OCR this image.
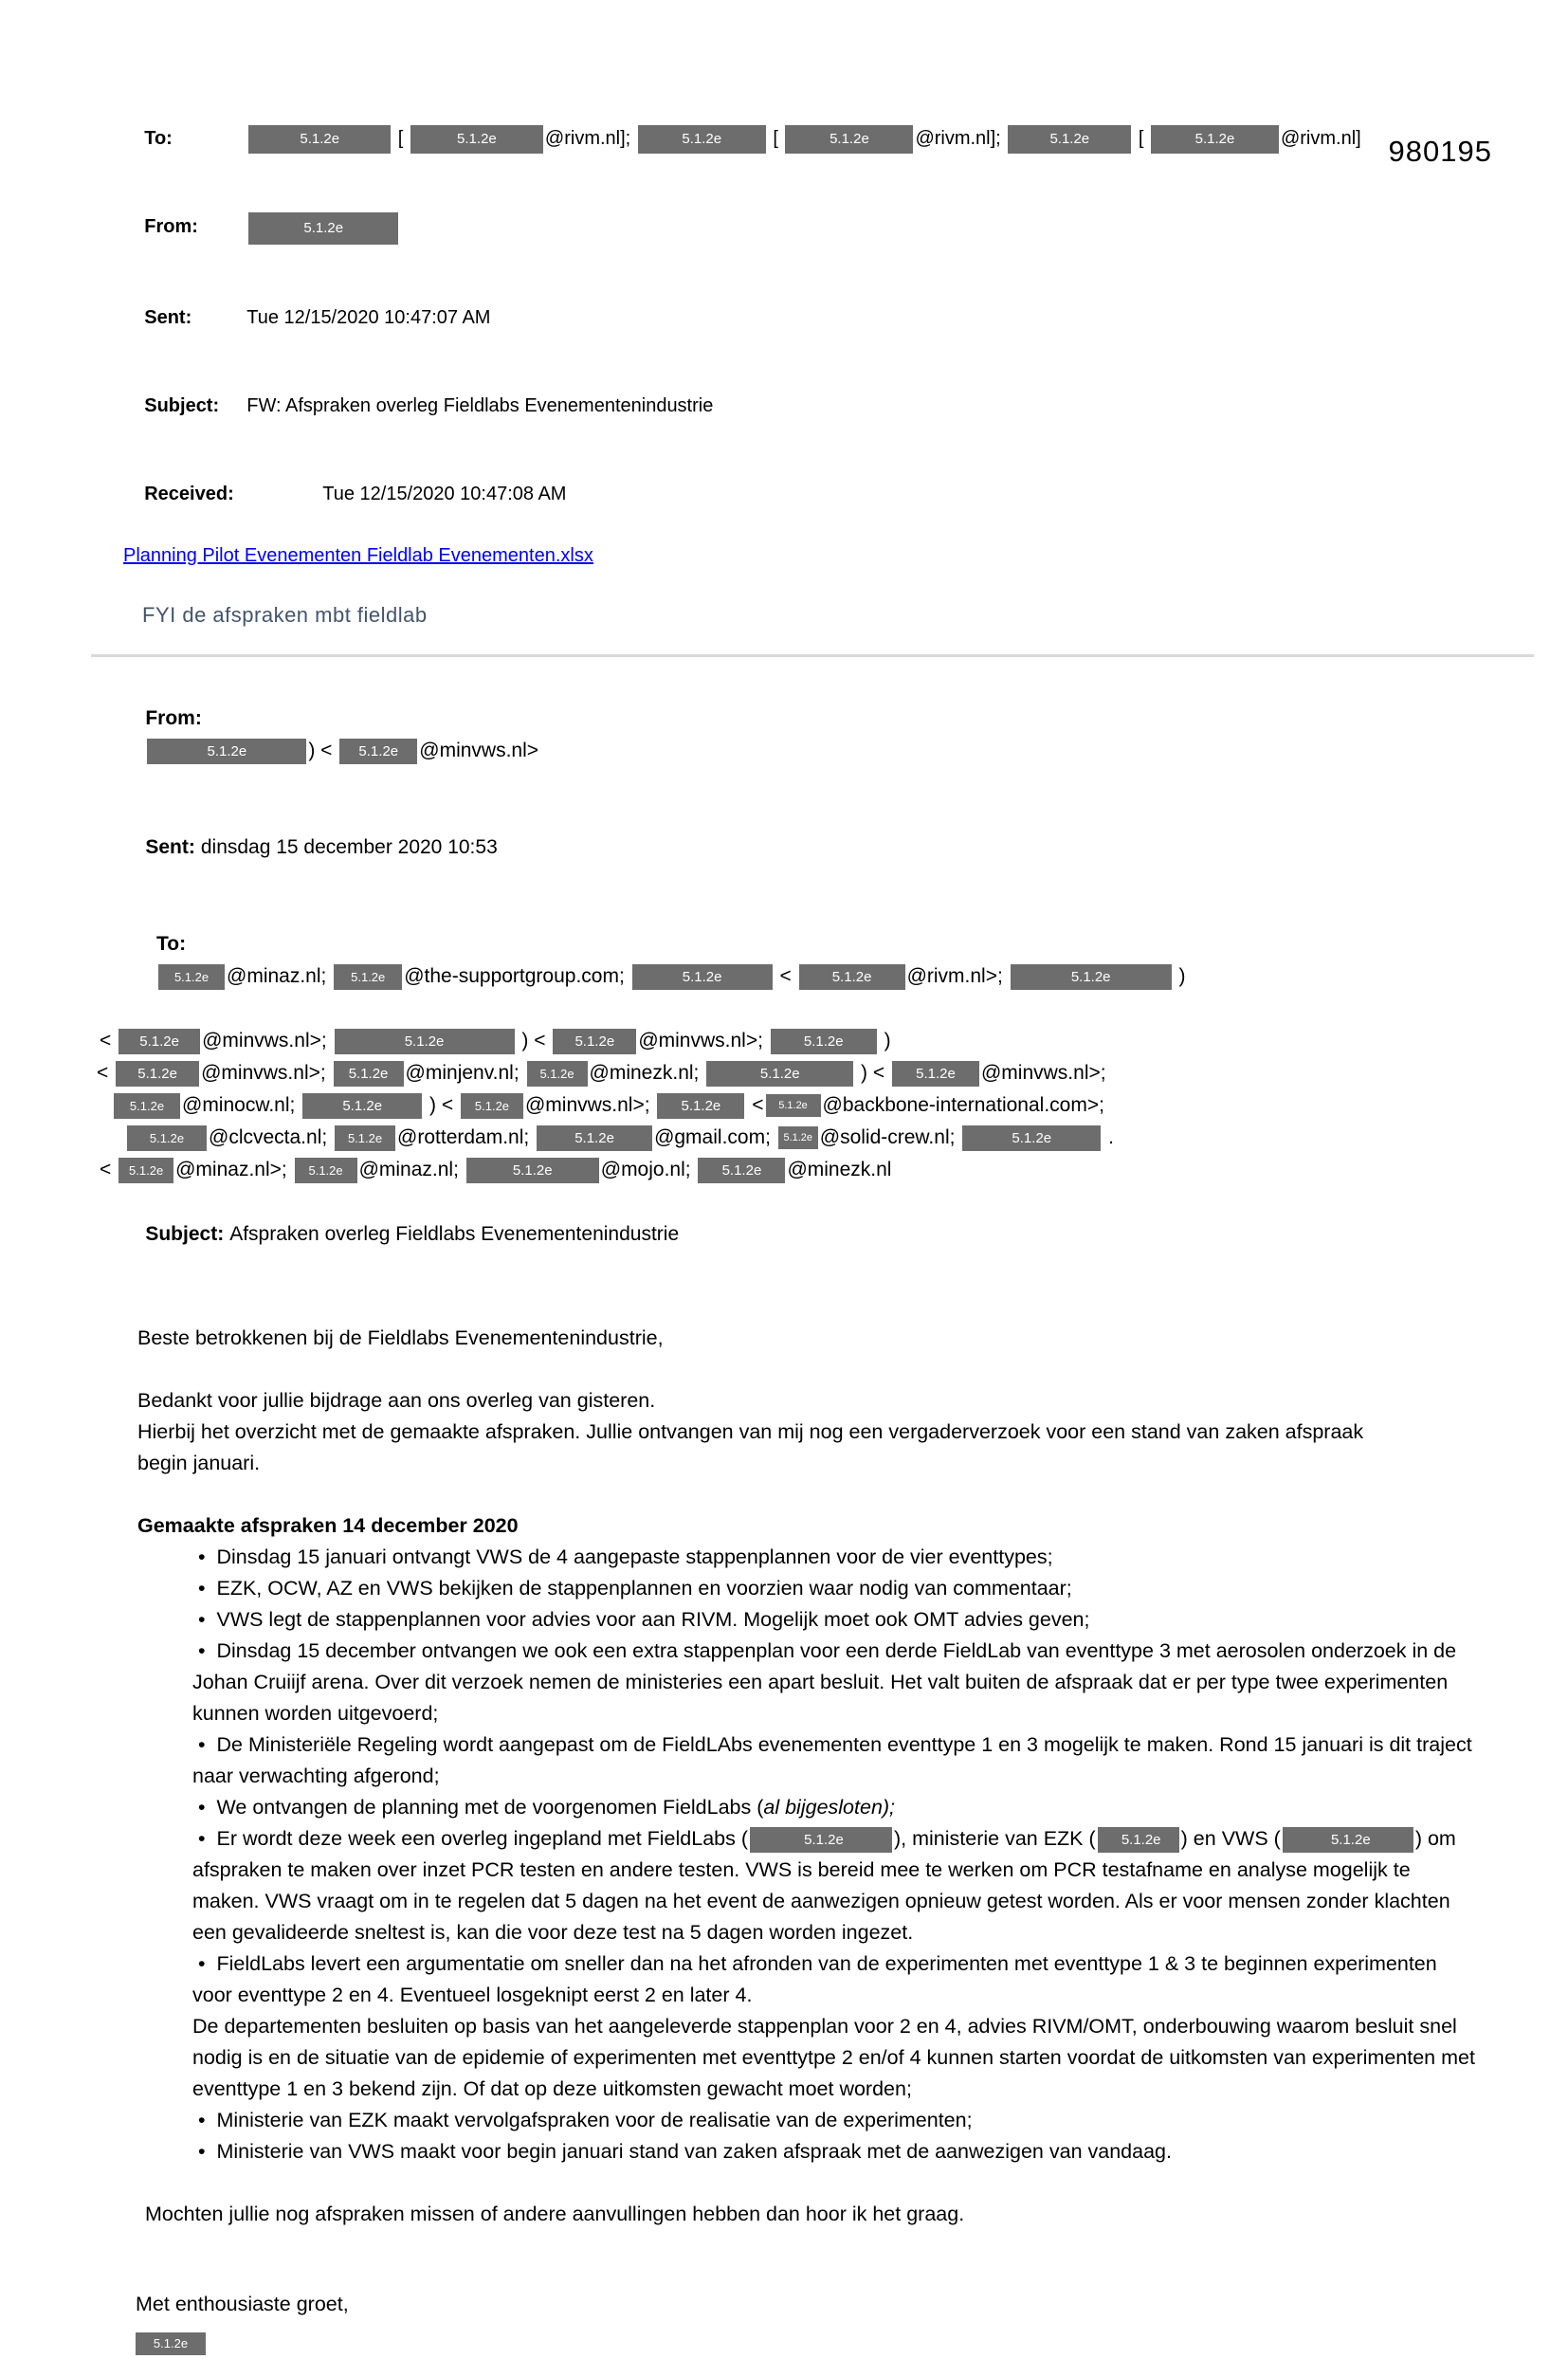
980195

To:	5.1.2e	[	5.1.2e	@rivm.nl];	5.1.2e [	5.1.2e @rivm.nl];	5.1.2e [	5.1.2e @rivm.nl]

From:	5.1.2e

Sent:	Tue 12/15/2020 10:47:07 AM

Subject: FW: Afspraken overleg Fieldlabs Evenementenindustrie

Received:	Tue 12/15/2020 10:47:08 AM

Planning Pilot Evenementen Fieldlab Evenementen.xlsx
FYI de afspraken mbt fieldlab

From:
5.1.2e	) < 5.1.2e @minvws.nl>

Sent: dinsdag 15 december 2020 10:53

To:
5.1.2e @minaz.nl; 5.1.2e @the-supportgroup.com;	5.1.2e	< 5.1.2e @rivm.nl>;	5.1.2e	)

< 5.1.2e @minvws.nl>;	5.1.2e	) < 5.1.2e @minvws.nl>; 5.1.2e )
< 5.1.2e @minvws.nl>; 5.1.2e @minjenv.nl; 5.1.2e @minezk.nl;	5.1.2e	) < 5.1.2e @minvws.nl>;
5.1.2e @minocw.nl;	5.1.2e ) < 5.1.2e @minvws.nl>; 5.1.2e < 5.1.2e @backbone-international.com>;
5.1.2e @clcvecta.nl; 5.1.2e @rotterdam.nl;	5.1.2e @gmail.com; 5.1.2e @solid-crew.nl;	5.1.2e	.
< 5.1.2e @minaz.nl>; 5.1.2e @minaz.nl;	5.1.2e @mojo.nl; 5.1.2e @minezk.nl

Subject: Afspraken overleg Fieldlabs Evenementenindustrie

Beste betrokkenen bij de Fieldlabs Evenementenindustrie,

Bedankt voor jullie bijdrage aan ons overleg van gisteren.
Hierbij het overzicht met de gemaakte afspraken. Jullie ontvangen van mij nog een vergaderverzoek voor een stand van zaken afspraak begin januari.

Gemaakte afspraken 14 december 2020

•  Dinsdag 15 januari ontvangt VWS de 4 aangepaste stappenplannen voor de vier eventtypes;
•  EZK, OCW, AZ en VWS bekijken de stappenplannen en voorzien waar nodig van commentaar;
•  VWS legt de stappenplannen voor advies voor aan RIVM. Mogelijk moet ook OMT advies geven;
•  Dinsdag 15 december ontvangen we ook een extra stappenplan voor een derde FieldLab van eventtype 3 met aerosolen onderzoek in de Johan Cruiijf arena. Over dit verzoek nemen de ministeries een apart besluit. Het valt buiten de afspraak dat er per type twee experimenten kunnen worden uitgevoerd;
•  De Ministeriële Regeling wordt aangepast om de FieldLAbs evenementen eventtype 1 en 3 mogelijk te maken. Rond 15 januari is dit traject naar verwachting afgerond;
•  We ontvangen de planning met de voorgenomen FieldLabs (al bijgesloten);
•  Er wordt deze week een overleg ingepland met FieldLabs (	5.1.2e ), ministerie van EZK ( 5.1.2e ) en VWS (	5.1.2e ) om afspraken te maken over inzet PCR testen en andere testen. VWS is bereid mee te werken om PCR testafname en analyse mogelijk te maken. VWS vraagt om in te regelen dat 5 dagen na het event de aanwezigen opnieuw getest worden. Als er voor mensen zonder klachten een gevalideerde sneltest is, kan die voor deze test na 5 dagen worden ingezet.
•  FieldLabs levert een argumentatie om sneller dan na het afronden van de experimenten met eventtype 1 & 3 te beginnen experimenten voor eventtype 2 en 4. Eventueel losgeknipt eerst 2 en later 4.
De departementen besluiten op basis van het aangeleverde stappenplan voor 2 en 4, advies RIVM/OMT, onderbouwing waarom besluit snel nodig is en de situatie van de epidemie of experimenten met eventtytpe 2 en/of 4 kunnen starten voordat de uitkomsten van experimenten met eventtype 1 en 3 bekend zijn. Of dat op deze uitkomsten gewacht moet worden;
•  Ministerie van EZK maakt vervolgafspraken voor de realisatie van de experimenten;
•  Ministerie van VWS maakt voor begin januari stand van zaken afspraak met de aanwezigen van vandaag.

Mochten jullie nog afspraken missen of andere aanvullingen hebben dan hoor ik het graag.

Met enthousiaste groet,

5.1.2e
